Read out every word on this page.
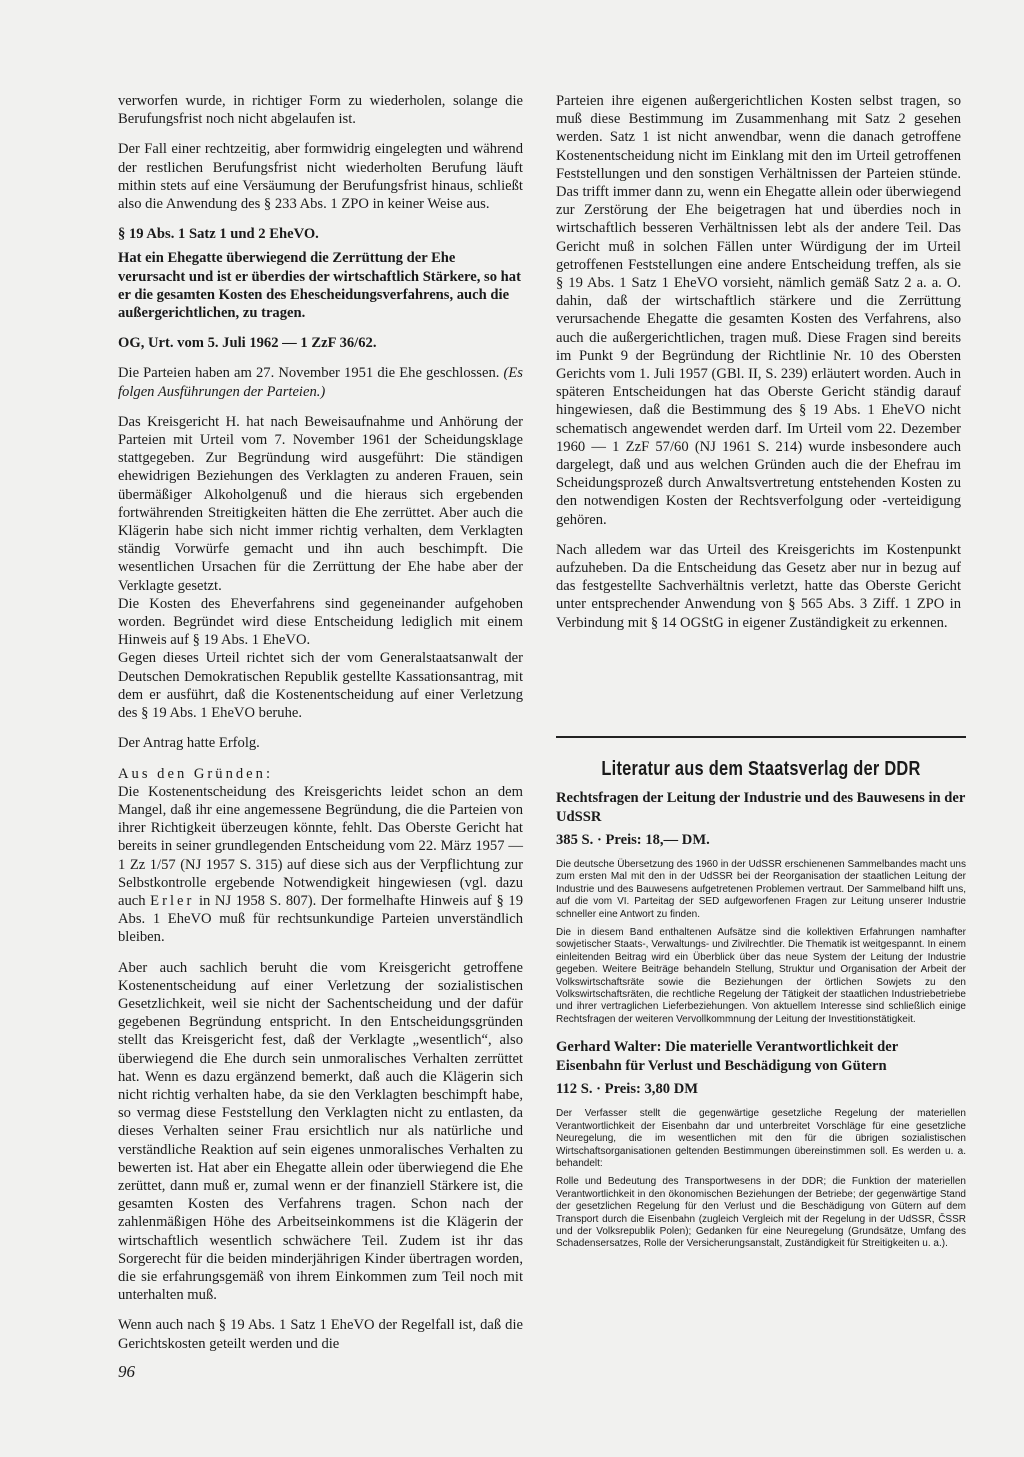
verworfen wurde, in richtiger Form zu wiederholen, solange die Berufungsfrist noch nicht abgelaufen ist.

Der Fall einer rechtzeitig, aber formwidrig eingelegten und während der restlichen Berufungsfrist nicht wiederholten Berufung läuft mithin stets auf eine Versäumung der Berufungsfrist hinaus, schließt also die Anwendung des § 233 Abs. 1 ZPO in keiner Weise aus.

§ 19 Abs. 1 Satz 1 und 2 EheVO.

Hat ein Ehegatte überwiegend die Zerrüttung der Ehe verursacht und ist er überdies der wirtschaftlich Stärkere, so hat er die gesamten Kosten des Ehescheidungsverfahrens, auch die außergerichtlichen, zu tragen.

OG, Urt. vom 5. Juli 1962 — 1 ZzF 36/62.

Die Parteien haben am 27. November 1951 die Ehe geschlossen. (Es folgen Ausführungen der Parteien.)

Das Kreisgericht H. hat nach Beweisaufnahme und Anhörung der Parteien mit Urteil vom 7. November 1961 der Scheidungsklage stattgegeben. Zur Begründung wird ausgeführt: Die ständigen ehewidrigen Beziehungen des Verklagten zu anderen Frauen, sein übermäßiger Alkoholgenuß und die hieraus sich ergebenden fortwährenden Streitigkeiten hätten die Ehe zerrüttet. Aber auch die Klägerin habe sich nicht immer richtig verhalten, dem Verklagten ständig Vorwürfe gemacht und ihn auch beschimpft. Die wesentlichen Ursachen für die Zerrüttung der Ehe habe aber der Verklagte gesetzt.

Die Kosten des Eheverfahrens sind gegeneinander aufgehoben worden. Begründet wird diese Entscheidung lediglich mit einem Hinweis auf § 19 Abs. 1 EheVO.

Gegen dieses Urteil richtet sich der vom Generalstaatsanwalt der Deutschen Demokratischen Republik gestellte Kassationsantrag, mit dem er ausführt, daß die Kostenentscheidung auf einer Verletzung des § 19 Abs. 1 EheVO beruhe.

Der Antrag hatte Erfolg.

Aus den Gründen:

Die Kostenentscheidung des Kreisgerichts leidet schon an dem Mangel, daß ihr eine angemessene Begründung, die die Parteien von ihrer Richtigkeit überzeugen könnte, fehlt. Das Oberste Gericht hat bereits in seiner grundlegenden Entscheidung vom 22. März 1957 — 1 Zz 1/57 (NJ 1957 S. 315) auf diese sich aus der Verpflichtung zur Selbstkontrolle ergebende Notwendigkeit hingewiesen (vgl. dazu auch Erler in NJ 1958 S. 807). Der formelhafte Hinweis auf § 19 Abs. 1 EheVO muß für rechtsunkundige Parteien unverständlich bleiben.

Aber auch sachlich beruht die vom Kreisgericht getroffene Kostenentscheidung auf einer Verletzung der sozialistischen Gesetzlichkeit, weil sie nicht der Sachentscheidung und der dafür gegebenen Begründung entspricht. In den Entscheidungsgründen stellt das Kreisgericht fest, daß der Verklagte „wesentlich“, also überwiegend die Ehe durch sein unmoralisches Verhalten zerrüttet hat. Wenn es dazu ergänzend bemerkt, daß auch die Klägerin sich nicht richtig verhalten habe, da sie den Verklagten beschimpft habe, so vermag diese Feststellung den Verklagten nicht zu entlasten, da dieses Verhalten seiner Frau ersichtlich nur als natürliche und verständliche Reaktion auf sein eigenes unmoralisches Verhalten zu bewerten ist. Hat aber ein Ehegatte allein oder überwiegend die Ehe zerüttet, dann muß er, zumal wenn er der finanziell Stärkere ist, die gesamten Kosten des Verfahrens tragen. Schon nach der zahlenmäßigen Höhe des Arbeitseinkommens ist die Klägerin der wirtschaftlich wesentlich schwächere Teil. Zudem ist ihr das Sorgerecht für die beiden minderjährigen Kinder übertragen worden, die sie erfahrungsgemäß von ihrem Einkommen zum Teil noch mit unterhalten muß.

Wenn auch nach § 19 Abs. 1 Satz 1 EheVO der Regelfall ist, daß die Gerichtskosten geteilt werden und die

Parteien ihre eigenen außergerichtlichen Kosten selbst tragen, so muß diese Bestimmung im Zusammenhang mit Satz 2 gesehen werden. Satz 1 ist nicht anwendbar, wenn die danach getroffene Kostenentscheidung nicht im Einklang mit den im Urteil getroffenen Feststellungen und den sonstigen Verhältnissen der Parteien stünde. Das trifft immer dann zu, wenn ein Ehegatte allein oder überwiegend zur Zerstörung der Ehe beigetragen hat und überdies noch in wirtschaftlich besseren Verhältnissen lebt als der andere Teil. Das Gericht muß in solchen Fällen unter Würdigung der im Urteil getroffenen Feststellungen eine andere Entscheidung treffen, als sie § 19 Abs. 1 Satz 1 EheVO vorsieht, nämlich gemäß Satz 2 a. a. O. dahin, daß der wirtschaftlich stärkere und die Zerrüttung verursachende Ehegatte die gesamten Kosten des Verfahrens, also auch die außergerichtlichen, tragen muß. Diese Fragen sind bereits im Punkt 9 der Begründung der Richtlinie Nr. 10 des Obersten Gerichts vom 1. Juli 1957 (GBl. II, S. 239) erläutert worden. Auch in späteren Entscheidungen hat das Oberste Gericht ständig darauf hingewiesen, daß die Bestimmung des § 19 Abs. 1 EheVO nicht schematisch angewendet werden darf. Im Urteil vom 22. Dezember 1960 — 1 ZzF 57/60 (NJ 1961 S. 214) wurde insbesondere auch dargelegt, daß und aus welchen Gründen auch die der Ehefrau im Scheidungsprozeß durch Anwaltsvertretung entstehenden Kosten zu den notwendigen Kosten der Rechtsverfolgung oder -verteidigung gehören.

Nach alledem war das Urteil des Kreisgerichts im Kostenpunkt aufzuheben. Da die Entscheidung das Gesetz aber nur in bezug auf das festgestellte Sachverhältnis verletzt, hatte das Oberste Gericht unter entsprechender Anwendung von § 565 Abs. 3 Ziff. 1 ZPO in Verbindung mit § 14 OGStG in eigener Zuständigkeit zu erkennen.

Literatur aus dem Staatsverlag der DDR
Rechtsfragen der Leitung der Industrie und des Bauwesens in der UdSSR
385 S. · Preis: 18,— DM.

Die deutsche Übersetzung des 1960 in der UdSSR erschienenen Sammelbandes macht uns zum ersten Mal mit den in der UdSSR bei der Reorganisation der staatlichen Leitung der Industrie und des Bauwesens aufgetretenen Problemen vertraut. Der Sammelband hilft uns, auf die vom VI. Parteitag der SED aufgeworfenen Fragen zur Leitung unserer Industrie schneller eine Antwort zu finden.

Die in diesem Band enthaltenen Aufsätze sind die kollektiven Erfahrungen namhafter sowjetischer Staats-, Verwaltungs- und Zivilrechtler. Die Thematik ist weitgespannt. In einem einleitenden Beitrag wird ein Überblick über das neue System der Leitung der Industrie gegeben. Weitere Beiträge behandeln Stellung, Struktur und Organisation der Arbeit der Volkswirtschaftsräte sowie die Beziehungen der örtlichen Sowjets zu den Volkswirtschaftsräten, die rechtliche Regelung der Tätigkeit der staatlichen Industriebetriebe und ihrer vertraglichen Lieferbeziehungen. Von aktuellem Interesse sind schließlich einige Rechtsfragen der weiteren Vervollkommnung der Leitung der Investitionstätigkeit.

Gerhard Walter: Die materielle Verantwortlichkeit der Eisenbahn für Verlust und Beschädigung von Gütern
112 S. · Preis: 3,80 DM

Der Verfasser stellt die gegenwärtige gesetzliche Regelung der materiellen Verantwortlichkeit der Eisenbahn dar und unterbreitet Vorschläge für eine gesetzliche Neuregelung, die im wesentlichen mit den für die übrigen sozialistischen Wirtschaftsorganisationen geltenden Bestimmungen übereinstimmen soll. Es werden u. a. behandelt:

Rolle und Bedeutung des Transportwesens in der DDR; die Funktion der materiellen Verantwortlichkeit in den ökonomischen Beziehungen der Betriebe; der gegenwärtige Stand der gesetzlichen Regelung für den Verlust und die Beschädigung von Gütern auf dem Transport durch die Eisenbahn (zugleich Vergleich mit der Regelung in der UdSSR, ČSSR und der Volksrepublik Polen); Gedanken für eine Neuregelung (Grundsätze, Umfang des Schadensersatzes, Rolle der Versicherungsanstalt, Zuständigkeit für Streitigkeiten u. a.).

96
